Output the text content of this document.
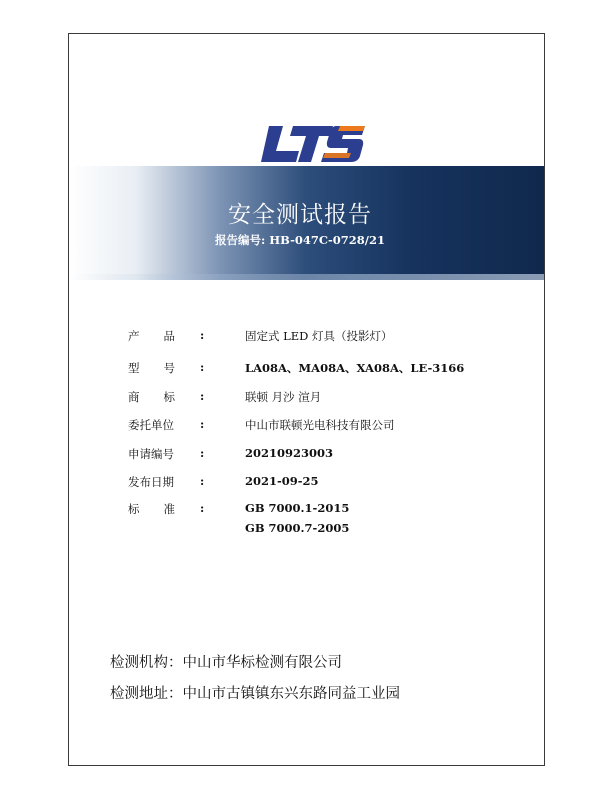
安全测试报告
报告编号: HB-047C-0728/21
产品 :	固定式 LED 灯具（投影灯）
型号 :	LA08A、MA08A、XA08A、LE-3166
商标 :	联顿 月沙 渲月
委托单位 :	中山市联顿光电科技有限公司
申请编号 :	20210923003
发布日期 :	2021-09-25
标准 :	GB 7000.1-2015
GB 7000.7-2005
检测机构：中山市华标检测有限公司
检测地址：中山市古镇镇东兴东路同益工业园
